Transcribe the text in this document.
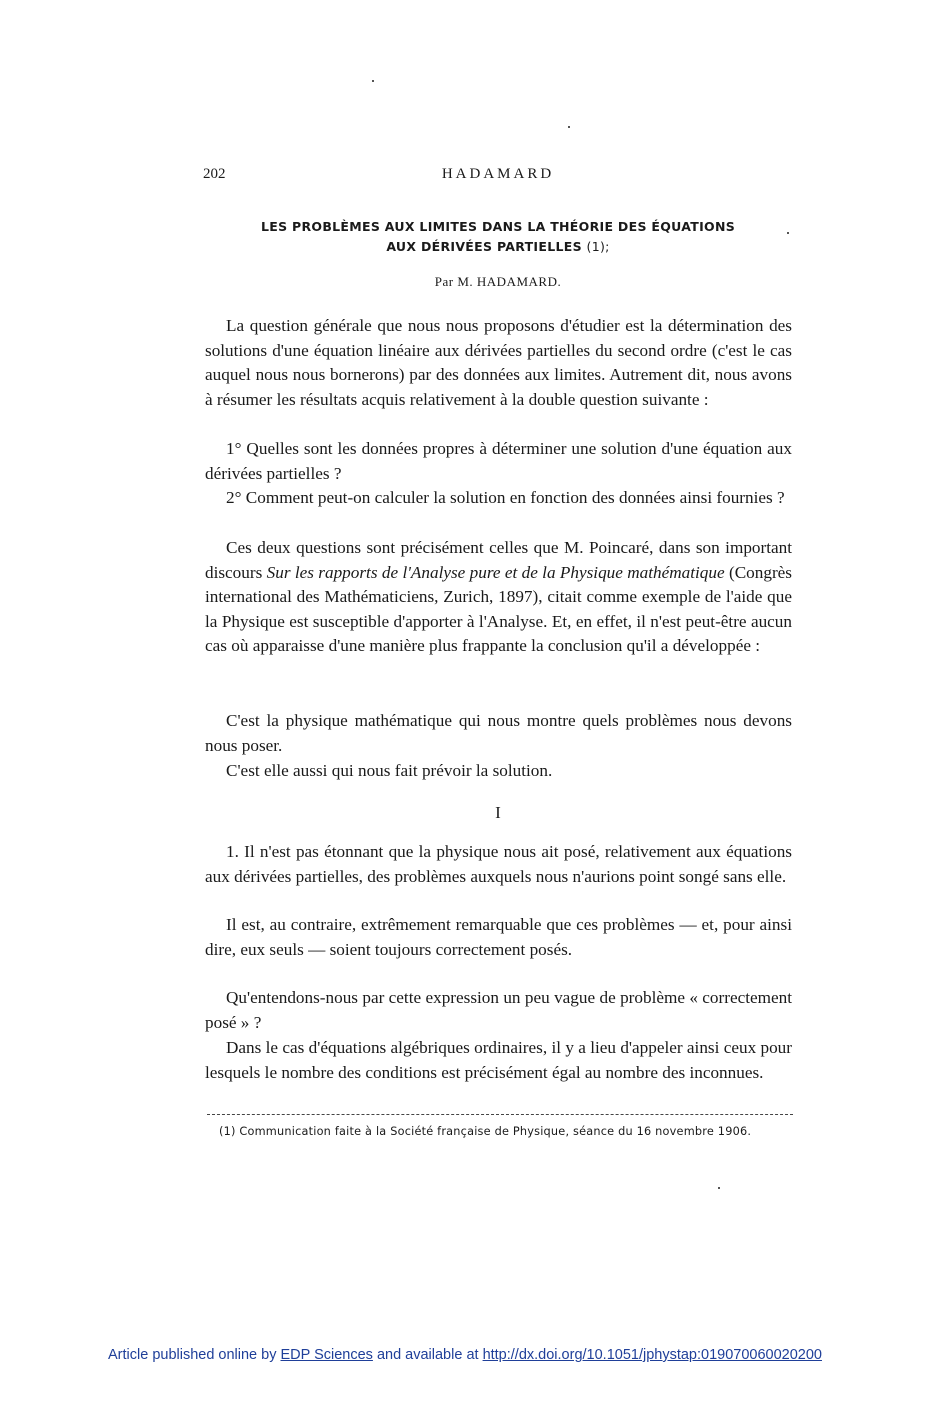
202	HADAMARD
LES PROBLÈMES AUX LIMITES DANS LA THÉORIE DES ÉQUATIONS
AUX DÉRIVÉES PARTIELLES (1);
Par M. HADAMARD.

La question générale que nous nous proposons d'étudier est la détermination des solutions d'une équation linéaire aux dérivées partielles du second ordre (c'est le cas auquel nous nous bornerons) par des données aux limites. Autrement dit, nous avons à résumer les résultats acquis relativement à la double question suivante :

1° Quelles sont les données propres à déterminer une solution d'une équation aux dérivées partielles ?

2° Comment peut-on calculer la solution en fonction des données ainsi fournies ?

Ces deux questions sont précisément celles que M. Poincaré, dans son important discours Sur les rapports de l'Analyse pure et de la Physique mathématique (Congrès international des Mathématiciens, Zurich, 1897), citait comme exemple de l'aide que la Physique est susceptible d'apporter à l'Analyse. Et, en effet, il n'est peut-être aucun cas où apparaisse d'une manière plus frappante la conclusion qu'il a développée :

C'est la physique mathématique qui nous montre quels problèmes nous devons nous poser.

C'est elle aussi qui nous fait prévoir la solution.

I

1. Il n'est pas étonnant que la physique nous ait posé, relativement aux équations aux dérivées partielles, des problèmes auxquels nous n'aurions point songé sans elle.

Il est, au contraire, extrêmement remarquable que ces problèmes — et, pour ainsi dire, eux seuls — soient toujours correctement posés.

Qu'entendons-nous par cette expression un peu vague de problème « correctement posé » ?

Dans le cas d'équations algébriques ordinaires, il y a lieu d'appeler ainsi ceux pour lesquels le nombre des conditions est précisément égal au nombre des inconnues.

(1) Communication faite à la Société française de Physique, séance du 16 novembre 1906.
Article published online by EDP Sciences and available at http://dx.doi.org/10.1051/jphystap:019070060020200
